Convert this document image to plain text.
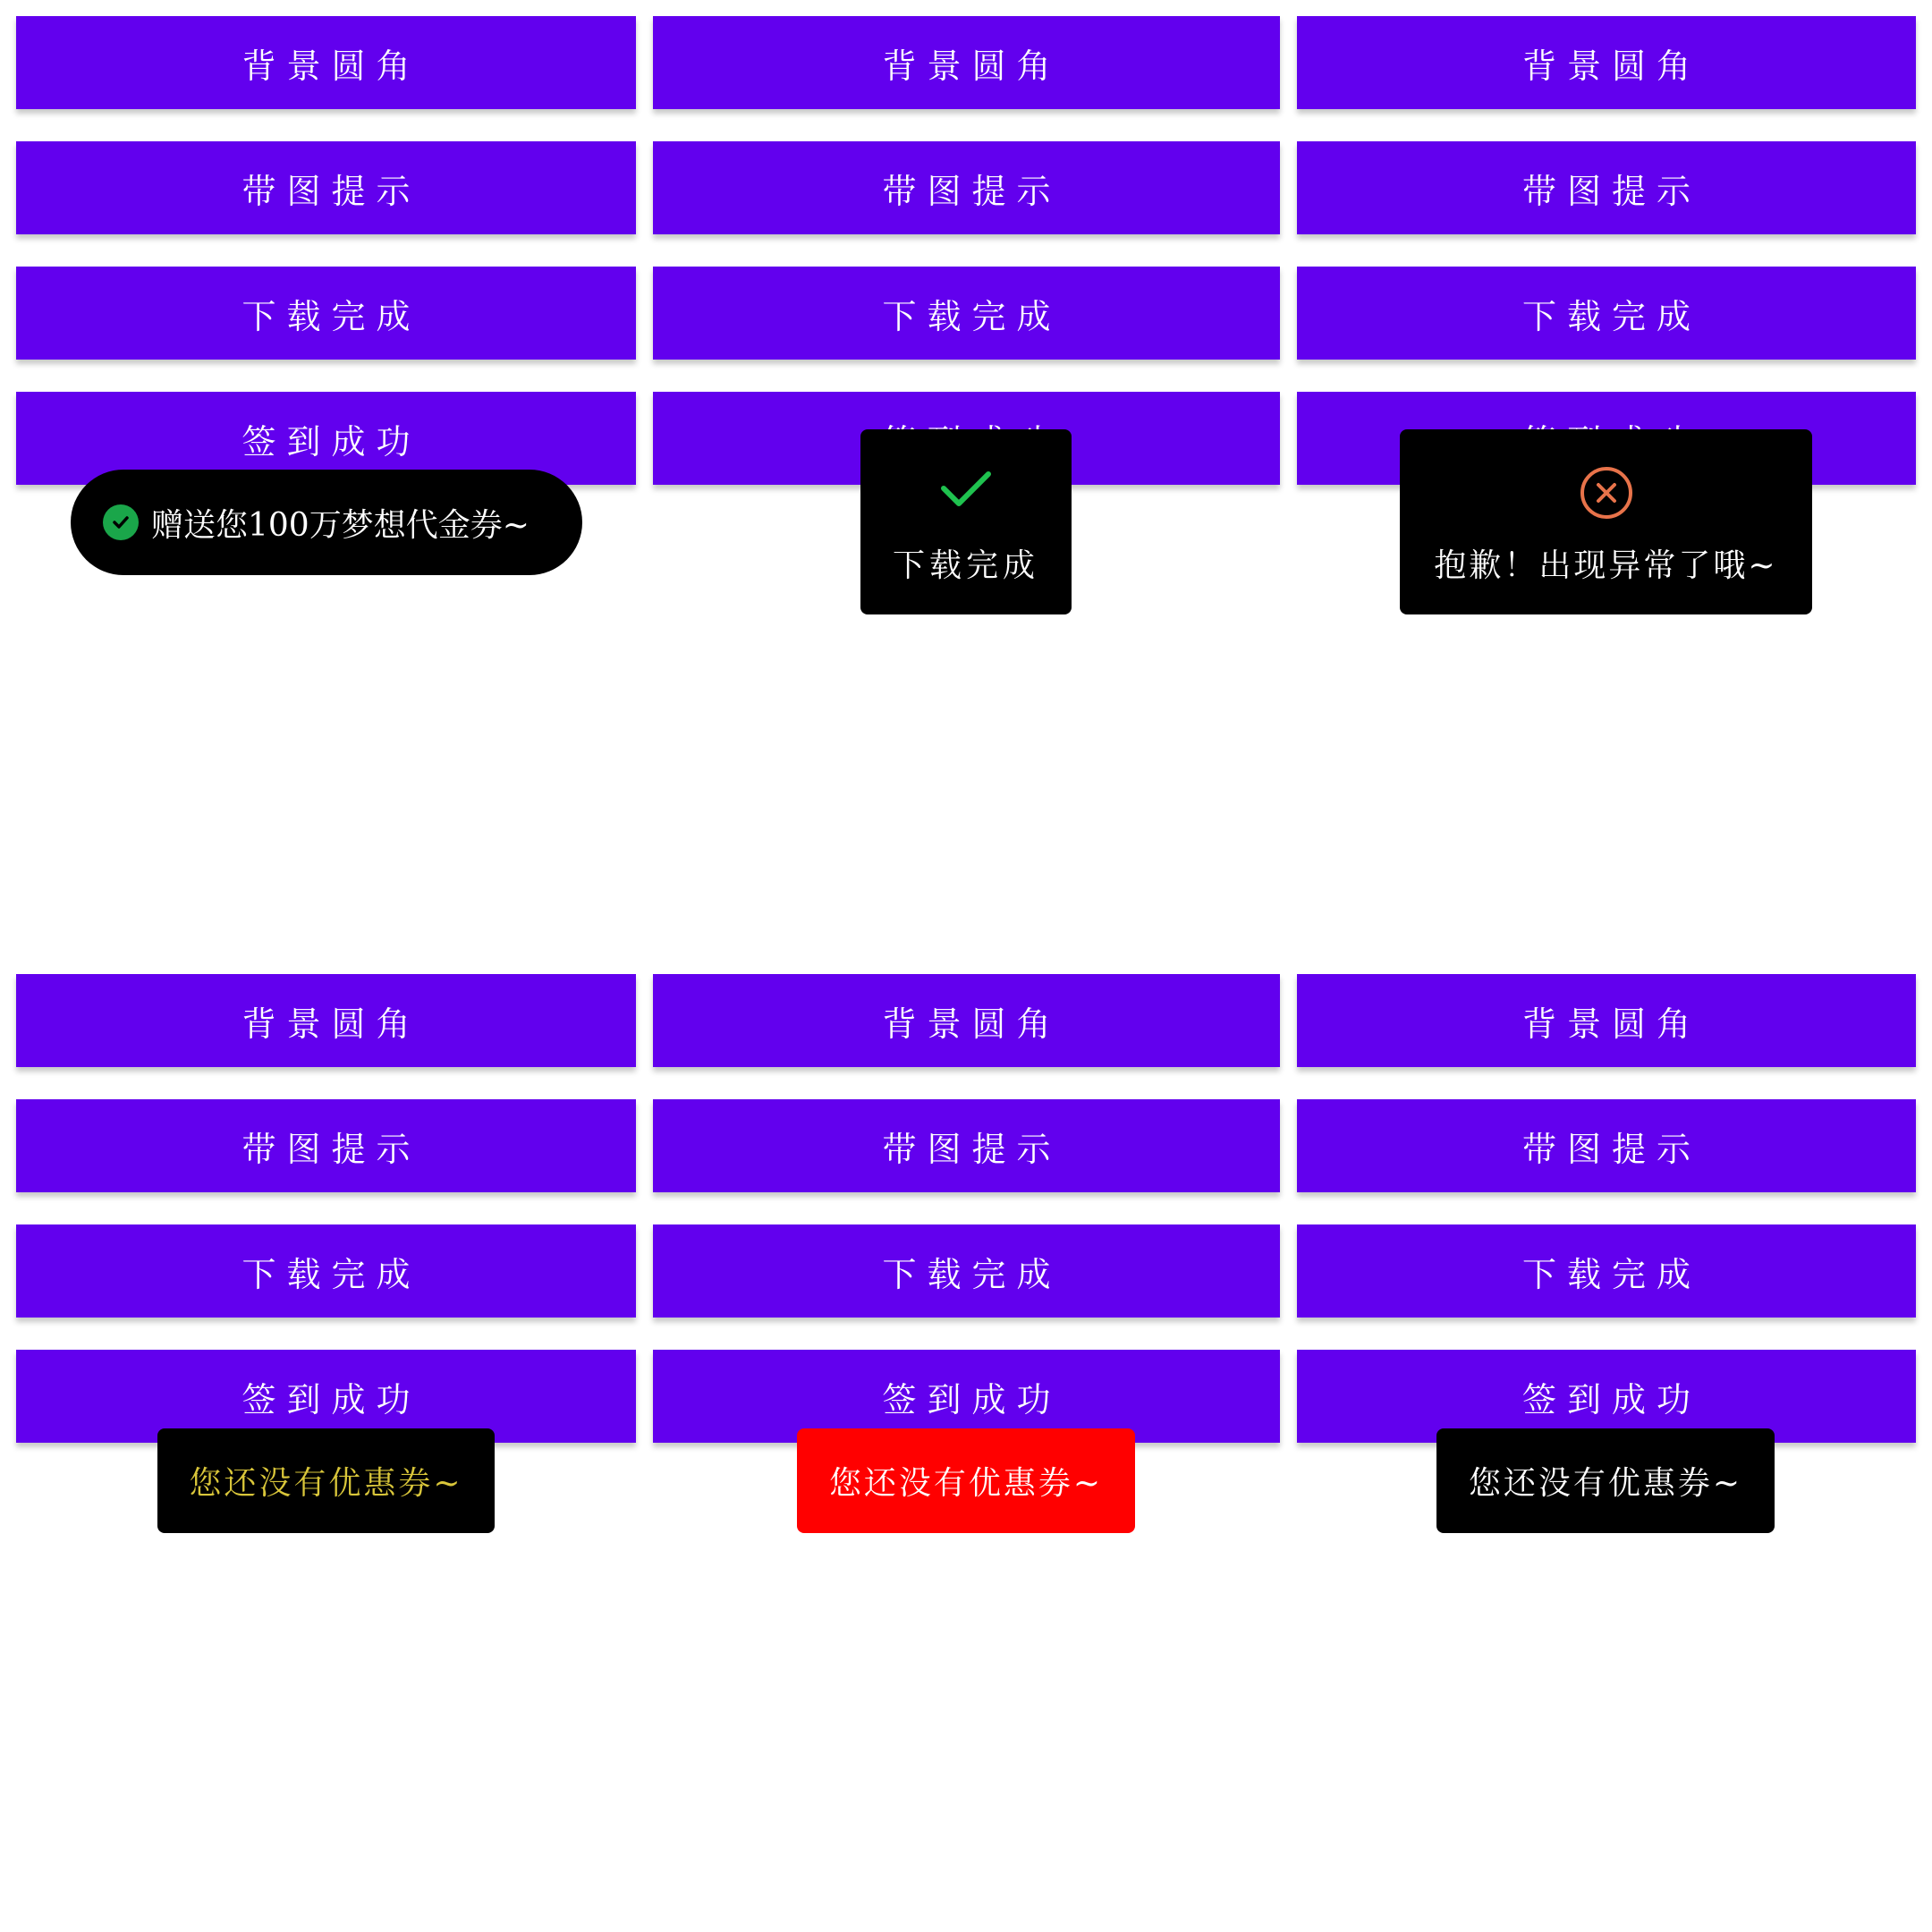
背景圆角
带图提示
下载完成
签到成功
赠送您100万梦想代金券~
背景圆角
带图提示
下载完成
下载完成
背景圆角
带图提示
下载完成
抱歉！出现异常了哦~
背景圆角
带图提示
下载完成
签到成功
您还没有优惠券~
背景圆角
带图提示
下载完成
签到成功
您还没有优惠券~
背景圆角
带图提示
下载完成
签到成功
您还没有优惠券~
